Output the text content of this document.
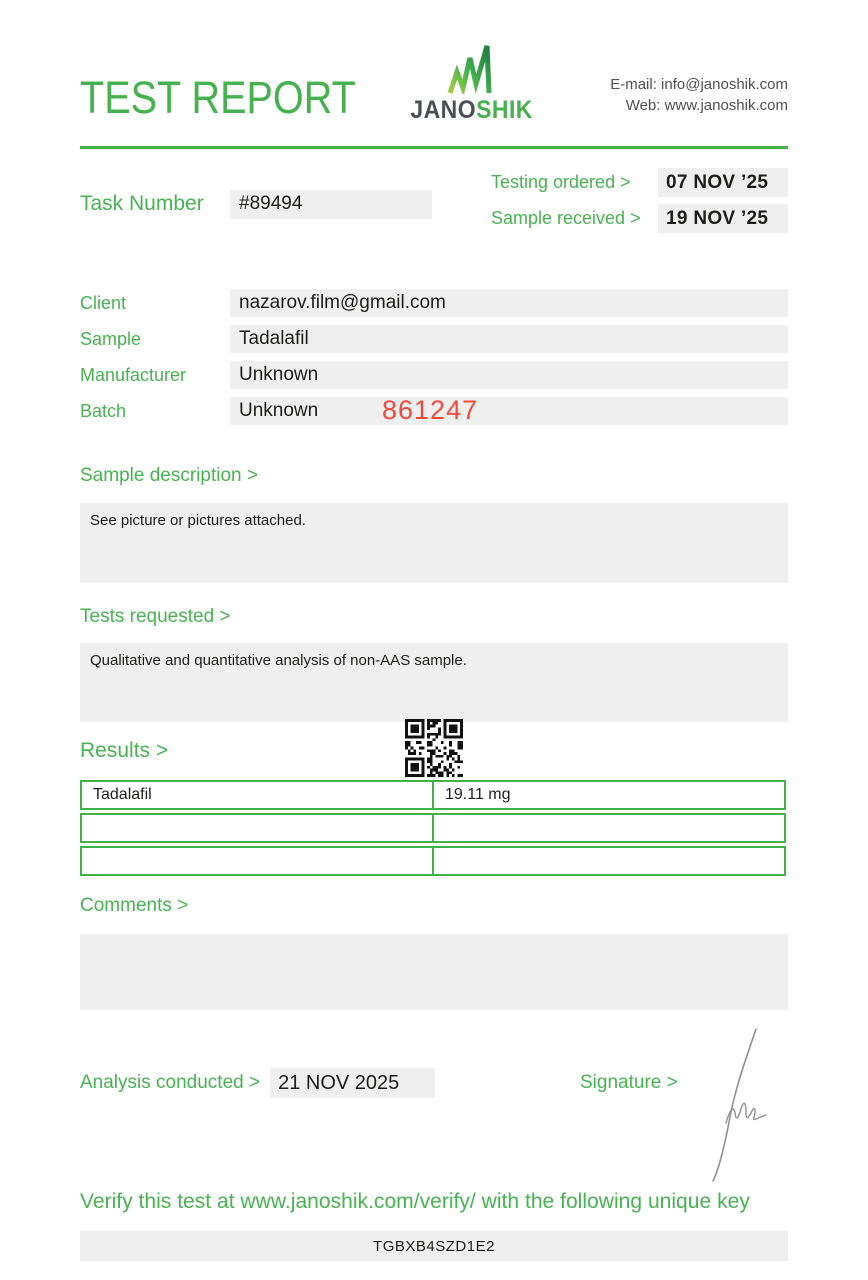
TEST REPORT JANOSHIK
E-mail: info@janoshik.com
Web: www.janoshik.com
Task Number	#89494
Testing ordered >	07 NOV ’25
Sample received >	19 NOV ’25
Client	nazarov.film@gmail.com
Sample	Tadalafil
Manufacturer	Unknown
Batch	Unknown 861247
Sample description >
See picture or pictures attached.
Tests requested >
Qualitative and quantitative analysis of non-AAS sample.
Results >
Tadalafil	19.11 mg
Comments >
Analysis conducted > 21 NOV 2025	Signature >
Verify this test at www.janoshik.com/verify/ with the following unique key
TGBXB4SZD1E2
